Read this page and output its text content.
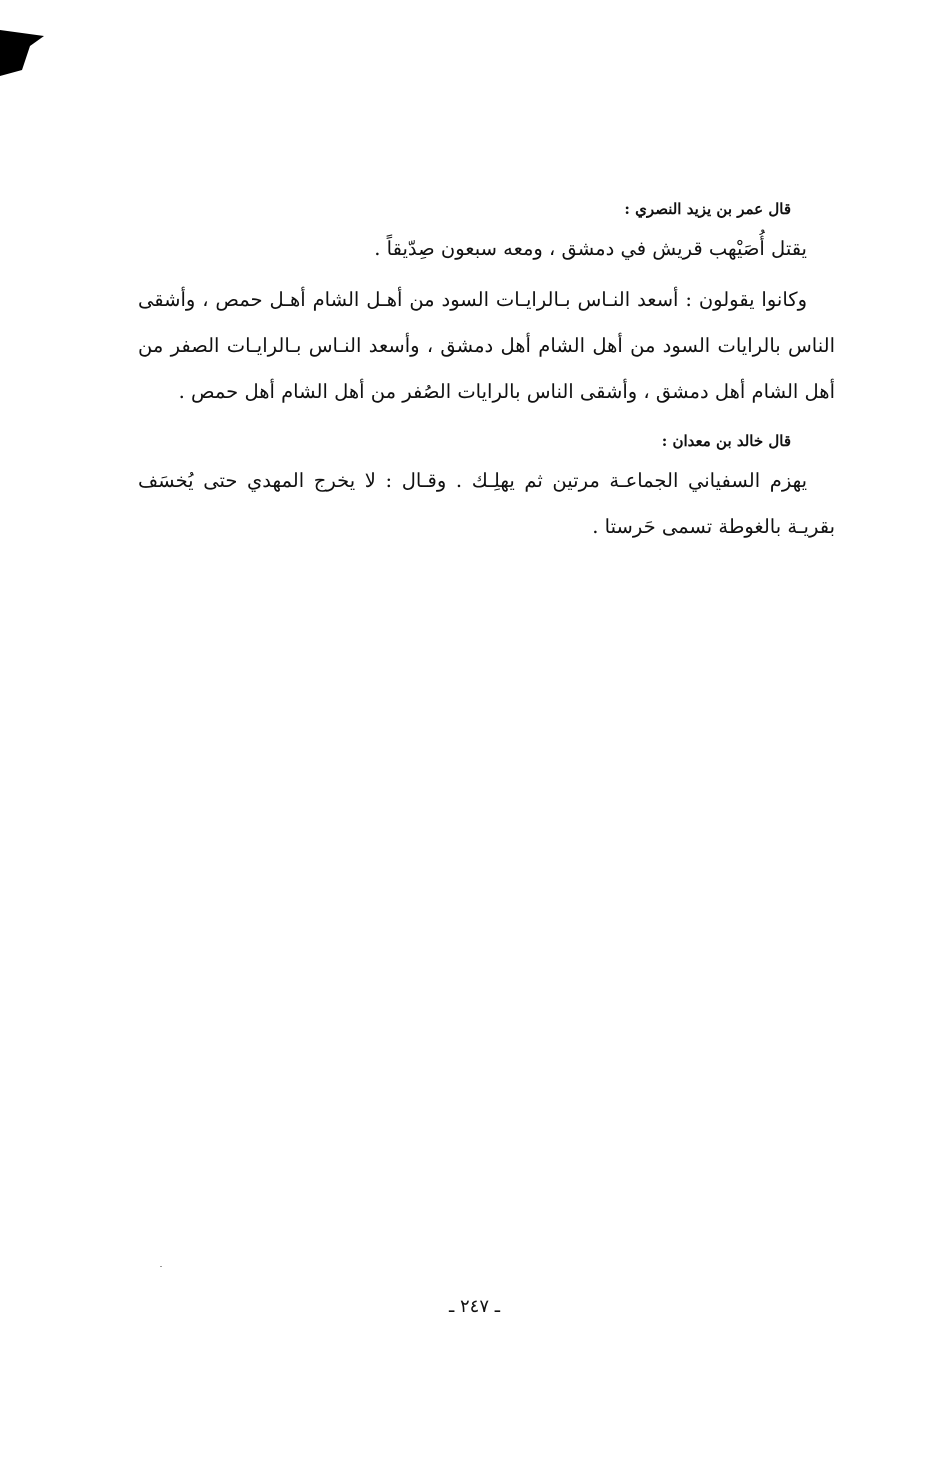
قال عمر بن يزيد النصري :

يقتل أُصَيْهب قريش في دمشق ، ومعه سبعون صِدّيقاً .

وكانوا يقولون : أسعد النـاس بـالرايـات السود من أهـل الشام أهـل حمص ، وأشقى الناس بالرايات السود من أهل الشام أهل دمشق ، وأسعد النـاس بـالرايـات الصفر من أهل الشام أهل دمشق ، وأشقى الناس بالرايات الصُفر من أهل الشام أهل حمص .

قال خالد بن معدان :

يهزم السفياني الجماعـة مرتين ثم يهلِـك . وقـال : لا يخرج المهدي حتى يُخسَف بقريـة بالغوطة تسمى حَرستا .

ـ ٢٤٧ ـ
